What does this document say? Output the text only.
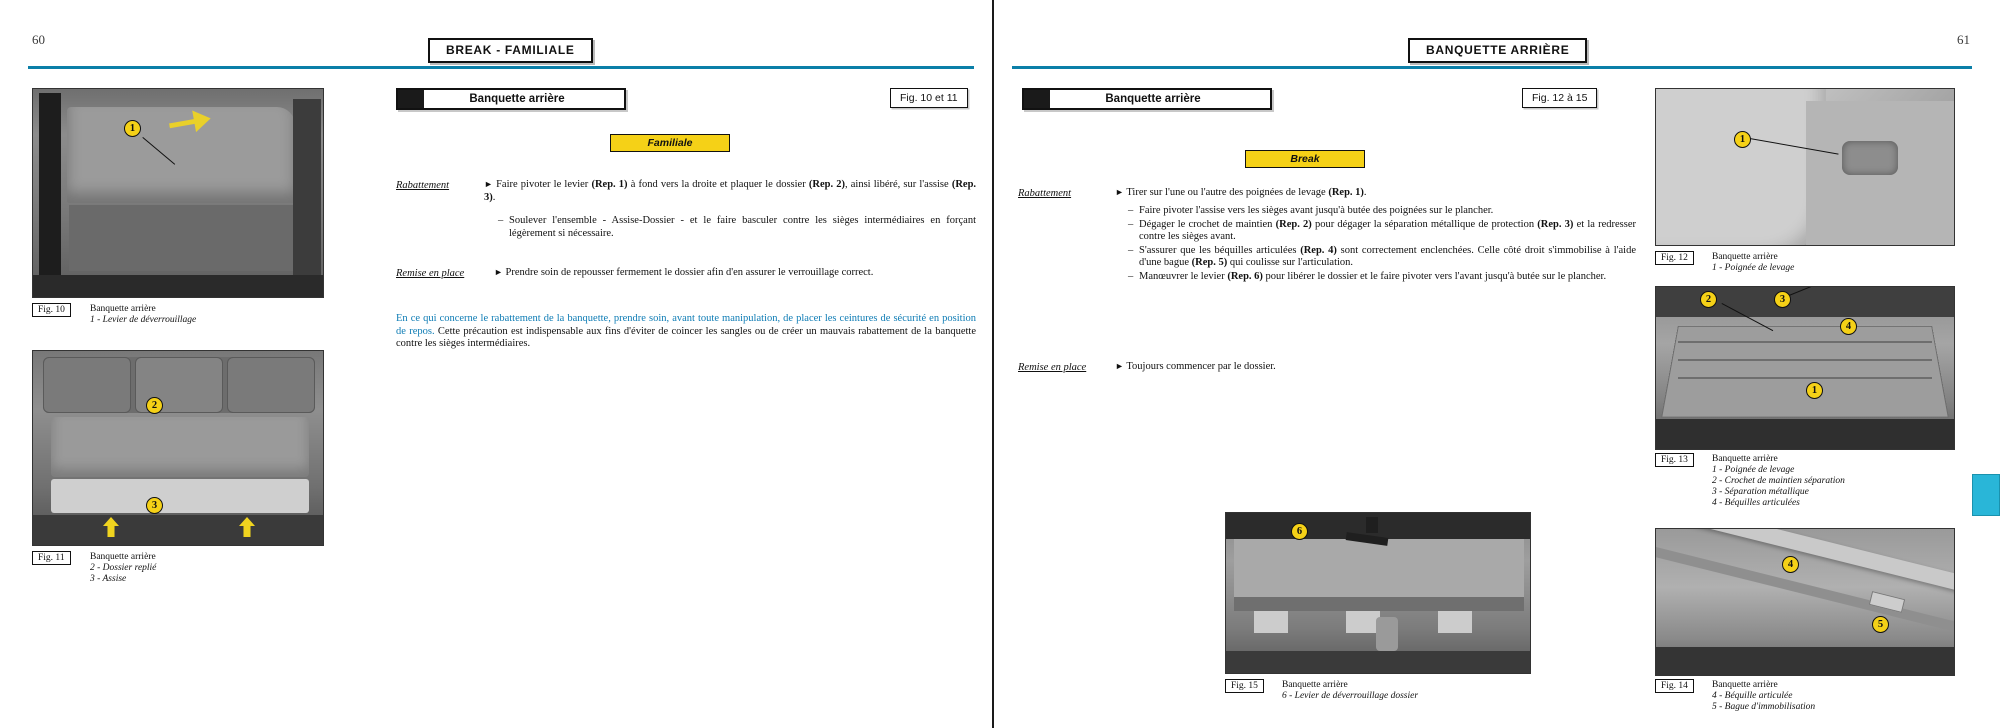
60	61
BREAK - FAMILIALE	BANQUETTE ARRIÈRE
Banquette arrière	Fig. 10 et 11
Familiale
Rabattement	► Faire pivoter le levier (Rep. 1) à fond vers la droite et plaquer le dossier (Rep. 2), ainsi libéré, sur l'assise (Rep. 3).
– Soulever l'ensemble - Assise-Dossier - et le faire basculer contre les sièges intermédiaires en forçant légèrement si nécessaire.
Remise en place	► Prendre soin de repousser fermement le dossier afin d'en assurer le verrouillage correct.
En ce qui concerne le rabattement de la banquette, prendre soin, avant toute manipulation, de placer les ceintures de sécurité en position de repos. Cette précaution est indispensable aux fins d'éviter de coincer les sangles ou de créer un mauvais rabattement de la banquette contre les sièges intermédiaires.
1
Fig. 10	Banquette arrière
1 - Levier de déverrouillage
2
3
Fig. 11	Banquette arrière
2 - Dossier replié
3 - Assise
Banquette arrière	Fig. 12 à 15
Break
Rabattement	► Tirer sur l'une ou l'autre des poignées de levage (Rep. 1).
– Faire pivoter l'assise vers les sièges avant jusqu'à butée des poignées sur le plancher.
– Dégager le crochet de maintien (Rep. 2) pour dégager la séparation métallique de protection (Rep. 3) et la redresser contre les sièges avant.
– S'assurer que les béquilles articulées (Rep. 4) sont correctement enclenchées. Celle côté droit s'immobilise à l'aide d'une bague (Rep. 5) qui coulisse sur l'articulation.
– Manœuvrer le levier (Rep. 6) pour libérer le dossier et le faire pivoter vers l'avant jusqu'à butée sur le plancher.
Remise en place	► Toujours commencer par le dossier.
1
Fig. 12	Banquette arrière
1 - Poignée de levage
2	3
4
1
Fig. 13	Banquette arrière
1 - Poignée de levage
2 - Crochet de maintien séparation
3 - Séparation métallique
4 - Béquilles articulées
4
5
Fig. 14	Banquette arrière
4 - Béquille articulée
5 - Bague d'immobilisation
6
Fig. 15	Banquette arrière
6 - Levier de déverrouillage dossier
